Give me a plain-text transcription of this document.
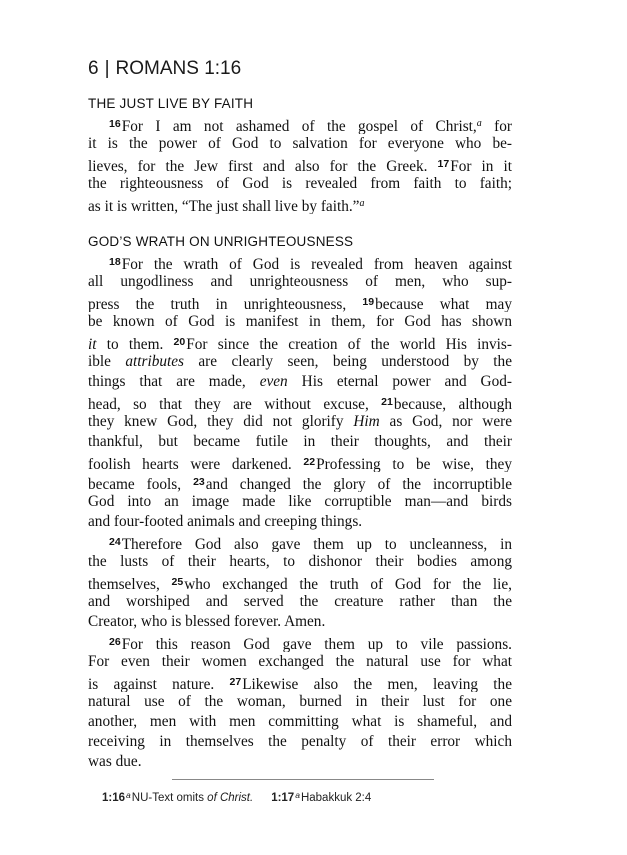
6 | ROMANS 1:16
THE JUST LIVE BY FAITH
$^{16}$For I am not ashamed of the gospel of Christ,$^a$ for
it is the power of God to salvation for everyone who be-
lieves, for the Jew first and also for the Greek. $^{17}$For in it
the righteousness of God is revealed from faith to faith;
as it is written, “The just shall live by faith.”$^a$
GOD’S WRATH ON UNRIGHTEOUSNESS
$^{18}$For the wrath of God is revealed from heaven against
all ungodliness and unrighteousness of men, who sup-
press the truth in unrighteousness, $^{19}$because what may
be known of God is manifest in them, for God has shown
it to them. $^{20}$For since the creation of the world His invis-
ible attributes are clearly seen, being understood by the
things that are made, even His eternal power and God-
head, so that they are without excuse, $^{21}$because, although
they knew God, they did not glorify Him as God, nor were
thankful, but became futile in their thoughts, and their
foolish hearts were darkened. $^{22}$Professing to be wise, they
became fools, $^{23}$and changed the glory of the incorruptible
God into an image made like corruptible man—and birds
and four-footed animals and creeping things.
$^{24}$Therefore God also gave them up to uncleanness, in
the lusts of their hearts, to dishonor their bodies among
themselves, $^{25}$who exchanged the truth of God for the lie,
and worshiped and served the creature rather than the
Creator, who is blessed forever. Amen.
$^{26}$For this reason God gave them up to vile passions.
For even their women exchanged the natural use for what
is against nature. $^{27}$Likewise also the men, leaving the
natural use of the woman, burned in their lust for one
another, men with men committing what is shameful, and
receiving in themselves the penalty of their error which
was due.
1:16$^a$NU-Text omits of Christ. 1:17$^a$Habakkuk 2:4
